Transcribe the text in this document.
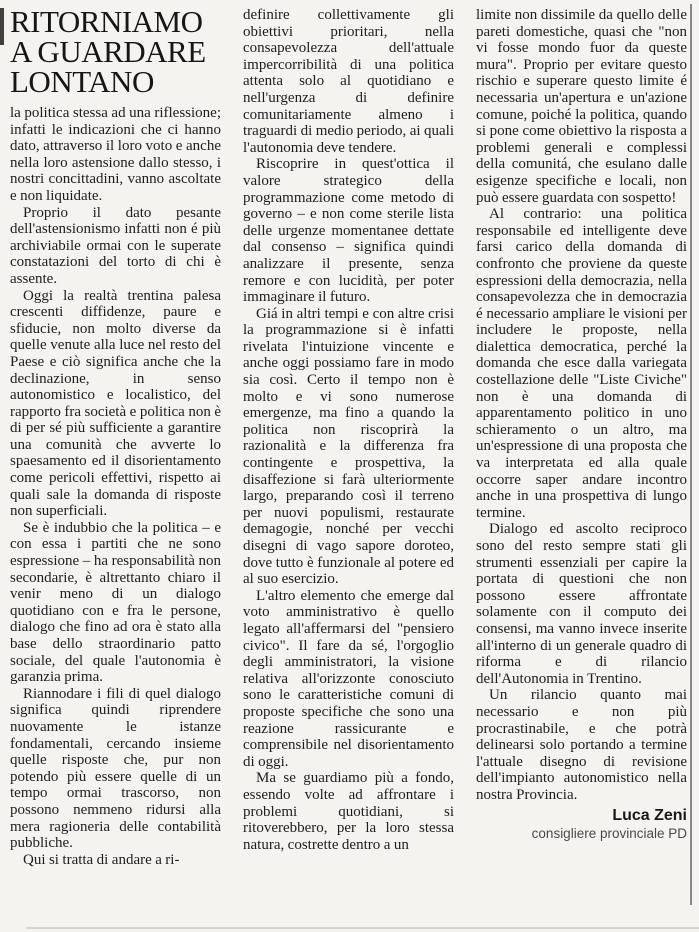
RITORNIAMO
A GUARDARE
LONTANO

la politica stessa ad una riflessione; infatti le indicazioni che ci hanno dato, attraverso il loro voto e anche nella loro astensione dallo stesso, i nostri concittadini, vanno ascoltate e non liquidate.

Proprio il dato pesante dell'astensionismo infatti non é più archiviabile ormai con le superate constatazioni del torto di chi è assente.

Oggi la realtà trentina palesa crescenti diffidenze, paure e sfiducie, non molto diverse da quelle venute alla luce nel resto del Paese e ciò significa anche che la declinazione, in senso autonomistico e localistico, del rapporto fra società e politica non è di per sé più sufficiente a garantire una comunità che avverte lo spaesamento ed il disorientamento come pericoli effettivi, rispetto ai quali sale la domanda di risposte non superficiali.

Se è indubbio che la politica – e con essa i partiti che ne sono espressione – ha responsabilità non secondarie, è altrettanto chiaro il venir meno di un dialogo quotidiano con e fra le persone, dialogo che fino ad ora è stato alla base dello straordinario patto sociale, del quale l'autonomia è garanzia prima.

Riannodare i fili di quel dialogo significa quindi riprendere nuovamente le istanze fondamentali, cercando insieme quelle risposte che, pur non potendo più essere quelle di un tempo ormai trascorso, non possono nemmeno ridursi alla mera ragioneria delle contabilità pubbliche.

Qui si tratta di andare a ri-

definire collettivamente gli obiettivi prioritari, nella consapevolezza dell'attuale impercorribilità di una politica attenta solo al quotidiano e nell'urgenza di definire comunitariamente almeno i traguardi di medio periodo, ai quali l'autonomia deve tendere.

Riscoprire in quest'ottica il valore strategico della programmazione come metodo di governo – e non come sterile lista delle urgenze momentanee dettate dal consenso – significa quindi analizzare il presente, senza remore e con lucidità, per poter immaginare il futuro.

Giá in altri tempi e con altre crisi la programmazione si è infatti rivelata l'intuizione vincente e anche oggi possiamo fare in modo sia così. Certo il tempo non è molto e vi sono numerose emergenze, ma fino a quando la politica non riscoprirà la razionalità e la differenza fra contingente e prospettiva, la disaffezione si farà ulteriormente largo, preparando così il terreno per nuovi populismi, restaurate demagogie, nonché per vecchi disegni di vago sapore doroteo, dove tutto è funzionale al potere ed al suo esercizio.

L'altro elemento che emerge dal voto amministrativo è quello legato all'affermarsi del "pensiero civico". Il fare da sé, l'orgoglio degli amministratori, la visione relativa all'orizzonte conosciuto sono le caratteristiche comuni di proposte specifiche che sono una reazione rassicurante e comprensibile nel disorientamento di oggi.

Ma se guardiamo più a fondo, essendo volte ad affrontare i problemi quotidiani, si ritoverebbero, per la loro stessa natura, costrette dentro a un

limite non dissimile da quello delle pareti domestiche, quasi che "non vi fosse mondo fuor da queste mura". Proprio per evitare questo rischio e superare questo limite é necessaria un'apertura e un'azione comune, poiché la politica, quando si pone come obiettivo la risposta a problemi generali e complessi della comunitá, che esulano dalle esigenze specifiche e locali, non può essere guardata con sospetto!

Al contrario: una politica responsabile ed intelligente deve farsi carico della domanda di confronto che proviene da queste espressioni della democrazia, nella consapevolezza che in democrazia é necessario ampliare le visioni per includere le proposte, nella dialettica democratica, perché la domanda che esce dalla variegata costellazione delle "Liste Civiche" non è una domanda di apparentamento politico in uno schieramento o un altro, ma un'espressione di una proposta che va interpretata ed alla quale occorre saper andare incontro anche in una prospettiva di lungo termine.

Dialogo ed ascolto reciproco sono del resto sempre stati gli strumenti essenziali per capire la portata di questioni che non possono essere affrontate solamente con il computo dei consensi, ma vanno invece inserite all'interno di un generale quadro di riforma e di rilancio dell'Autonomia in Trentino.

Un rilancio quanto mai necessario e non più procrastinabile, e che potrà delinearsi solo portando a termine l'attuale disegno di revisione dell'impianto autonomistico nella nostra Provincia.

Luca Zeni
consigliere provinciale PD
